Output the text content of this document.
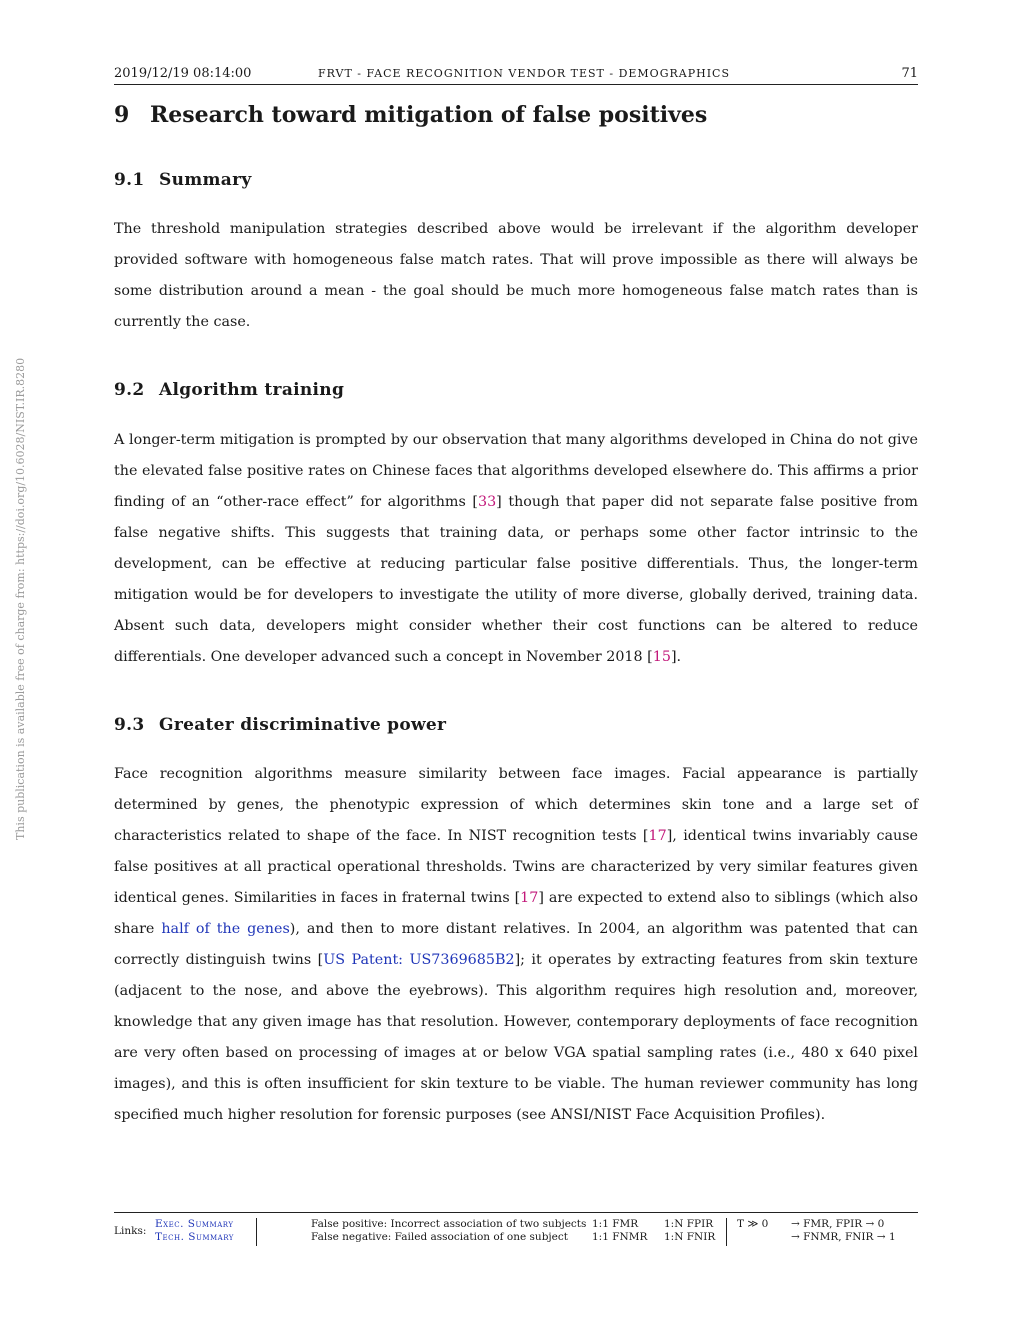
2019/12/19 08:14:00	FRVT - FACE RECOGNITION VENDOR TEST - DEMOGRAPHICS	71
This publication is available free of charge from: https://doi.org/10.6028/NIST.IR.8280
9 Research toward mitigation of false positives
9.1 Summary
The threshold manipulation strategies described above would be irrelevant if the algorithm developer provided software with homogeneous false match rates. That will prove impossible as there will always be some distribution around a mean - the goal should be much more homogeneous false match rates than is currently the case.
9.2 Algorithm training
A longer-term mitigation is prompted by our observation that many algorithms developed in China do not give the elevated false positive rates on Chinese faces that algorithms developed elsewhere do. This affirms a prior finding of an “other-race effect” for algorithms [33] though that paper did not separate false positive from false negative shifts. This suggests that training data, or perhaps some other factor intrinsic to the development, can be effective at reducing particular false positive differentials. Thus, the longer-term mitigation would be for developers to investigate the utility of more diverse, globally derived, training data. Absent such data, developers might consider whether their cost functions can be altered to reduce differentials. One developer advanced such a concept in November 2018 [15].
9.3 Greater discriminative power
Face recognition algorithms measure similarity between face images. Facial appearance is partially determined by genes, the phenotypic expression of which determines skin tone and a large set of characteristics related to shape of the face. In NIST recognition tests [17], identical twins invariably cause false positives at all practical operational thresholds. Twins are characterized by very similar features given identical genes. Similarities in faces in fraternal twins [17] are expected to extend also to siblings (which also share half of the genes), and then to more distant relatives. In 2004, an algorithm was patented that can correctly distinguish twins [US Patent: US7369685B2]; it operates by extracting features from skin texture (adjacent to the nose, and above the eyebrows). This algorithm requires high resolution and, moreover, knowledge that any given image has that resolution. However, contemporary deployments of face recognition are very often based on processing of images at or below VGA spatial sampling rates (i.e., 480 x 640 pixel images), and this is often insufficient for skin texture to be viable. The human reviewer community has long specified much higher resolution for forensic purposes (see ANSI/NIST Face Acquisition Profiles).
Links:
Exec. Summary
Tech. Summary
False positive: Incorrect association of two subjects
False negative: Failed association of one subject
1:1 FMR
1:1 FNMR
1:N FPIR
1:N FNIR
T ≫ 0 → FMR, FPIR → 0
→ FNMR, FNIR → 1
